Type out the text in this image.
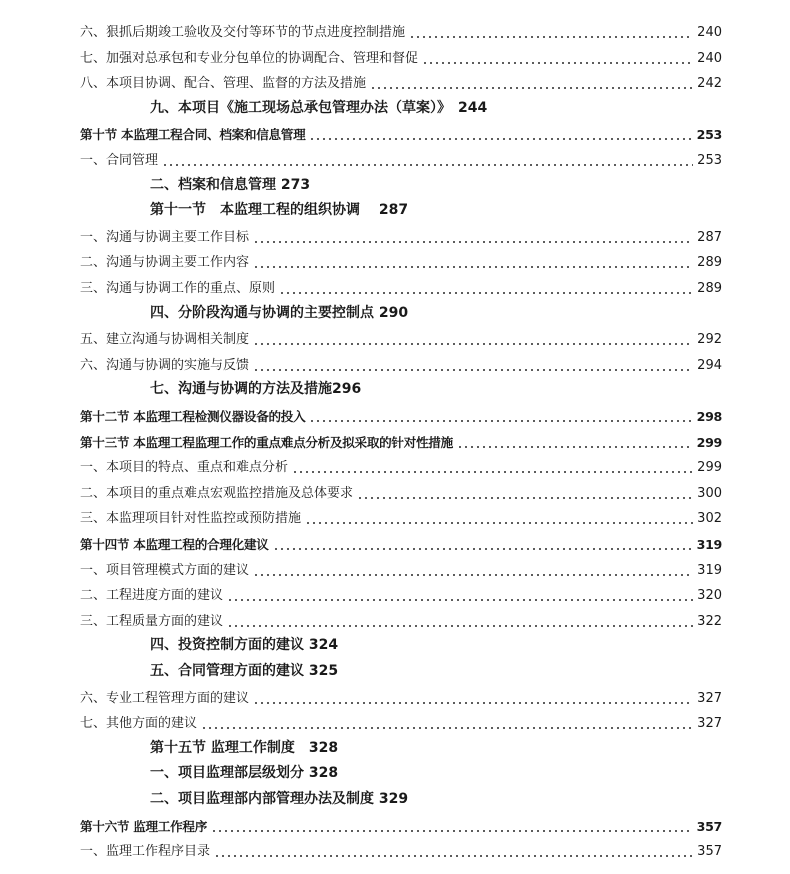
六、狠抓后期竣工验收及交付等环节的节点进度控制措施	240
七、加强对总承包和专业分包单位的协调配合、管理和督促	240
八、本项目协调、配合、管理、监督的方法及措施	242
九、本项目《施工现场总承包管理办法（草案）》　244
第十节 本监理工程合同、档案和信息管理	253
一、合同管理	253
二、档案和信息管理 273
第十一节　本监理工程的组织协调　 287
一、沟通与协调主要工作目标	287
二、沟通与协调主要工作内容	289
三、沟通与协调工作的重点、原则	289
四、分阶段沟通与协调的主要控制点 290
五、建立沟通与协调相关制度	292
六、沟通与协调的实施与反馈	294
七、沟通与协调的方法及措施296
第十二节 本监理工程检测仪器设备的投入	298
第十三节 本监理工程监理工作的重点难点分析及拟采取的针对性措施	299
一、本项目的特点、重点和难点分析	299
二、本项目的重点难点宏观监控措施及总体要求	300
三、本监理项目针对性监控或预防措施	302
第十四节 本监理工程的合理化建议	319
一、项目管理模式方面的建议	319
二、工程进度方面的建议	320
三、工程质量方面的建议	322
四、投资控制方面的建议 324
五、合同管理方面的建议 325
六、专业工程管理方面的建议	327
七、其他方面的建议	327
第十五节 监理工作制度　328
一、项目监理部层级划分 328
二、项目监理部内部管理办法及制度 329
第十六节 监理工作程序	357
一、监理工作程序目录	357
